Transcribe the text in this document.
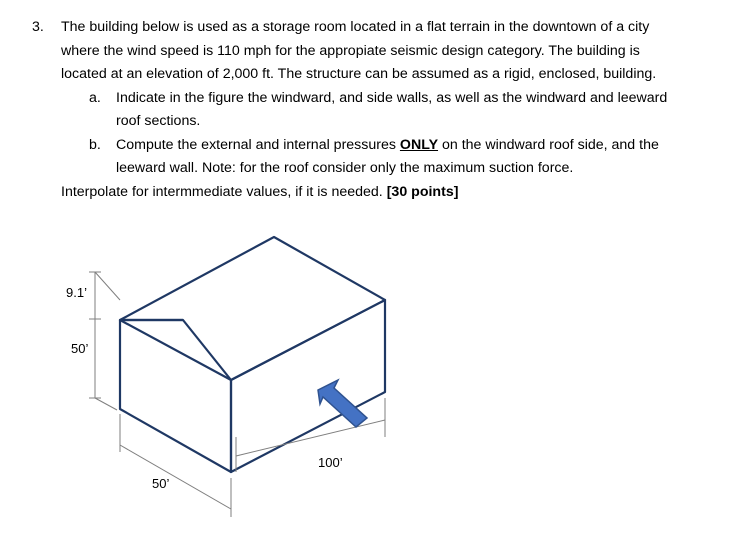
3. The building below is used as a storage room located in a flat terrain in the downtown of a city
where the wind speed is 110 mph for the appropiate seismic design category. The building is
located at an elevation of 2,000 ft. The structure can be assumed as a rigid, enclosed, building.
a. Indicate in the figure the windward, and side walls, as well as the windward and leeward
roof sections.
b. Compute the external and internal pressures ONLY on the windward roof side, and the
leeward wall. Note: for the roof consider only the maximum suction force.
Interpolate for intermmediate values, if it is needed. [30 points]
9.1’
50’
50’
100’
